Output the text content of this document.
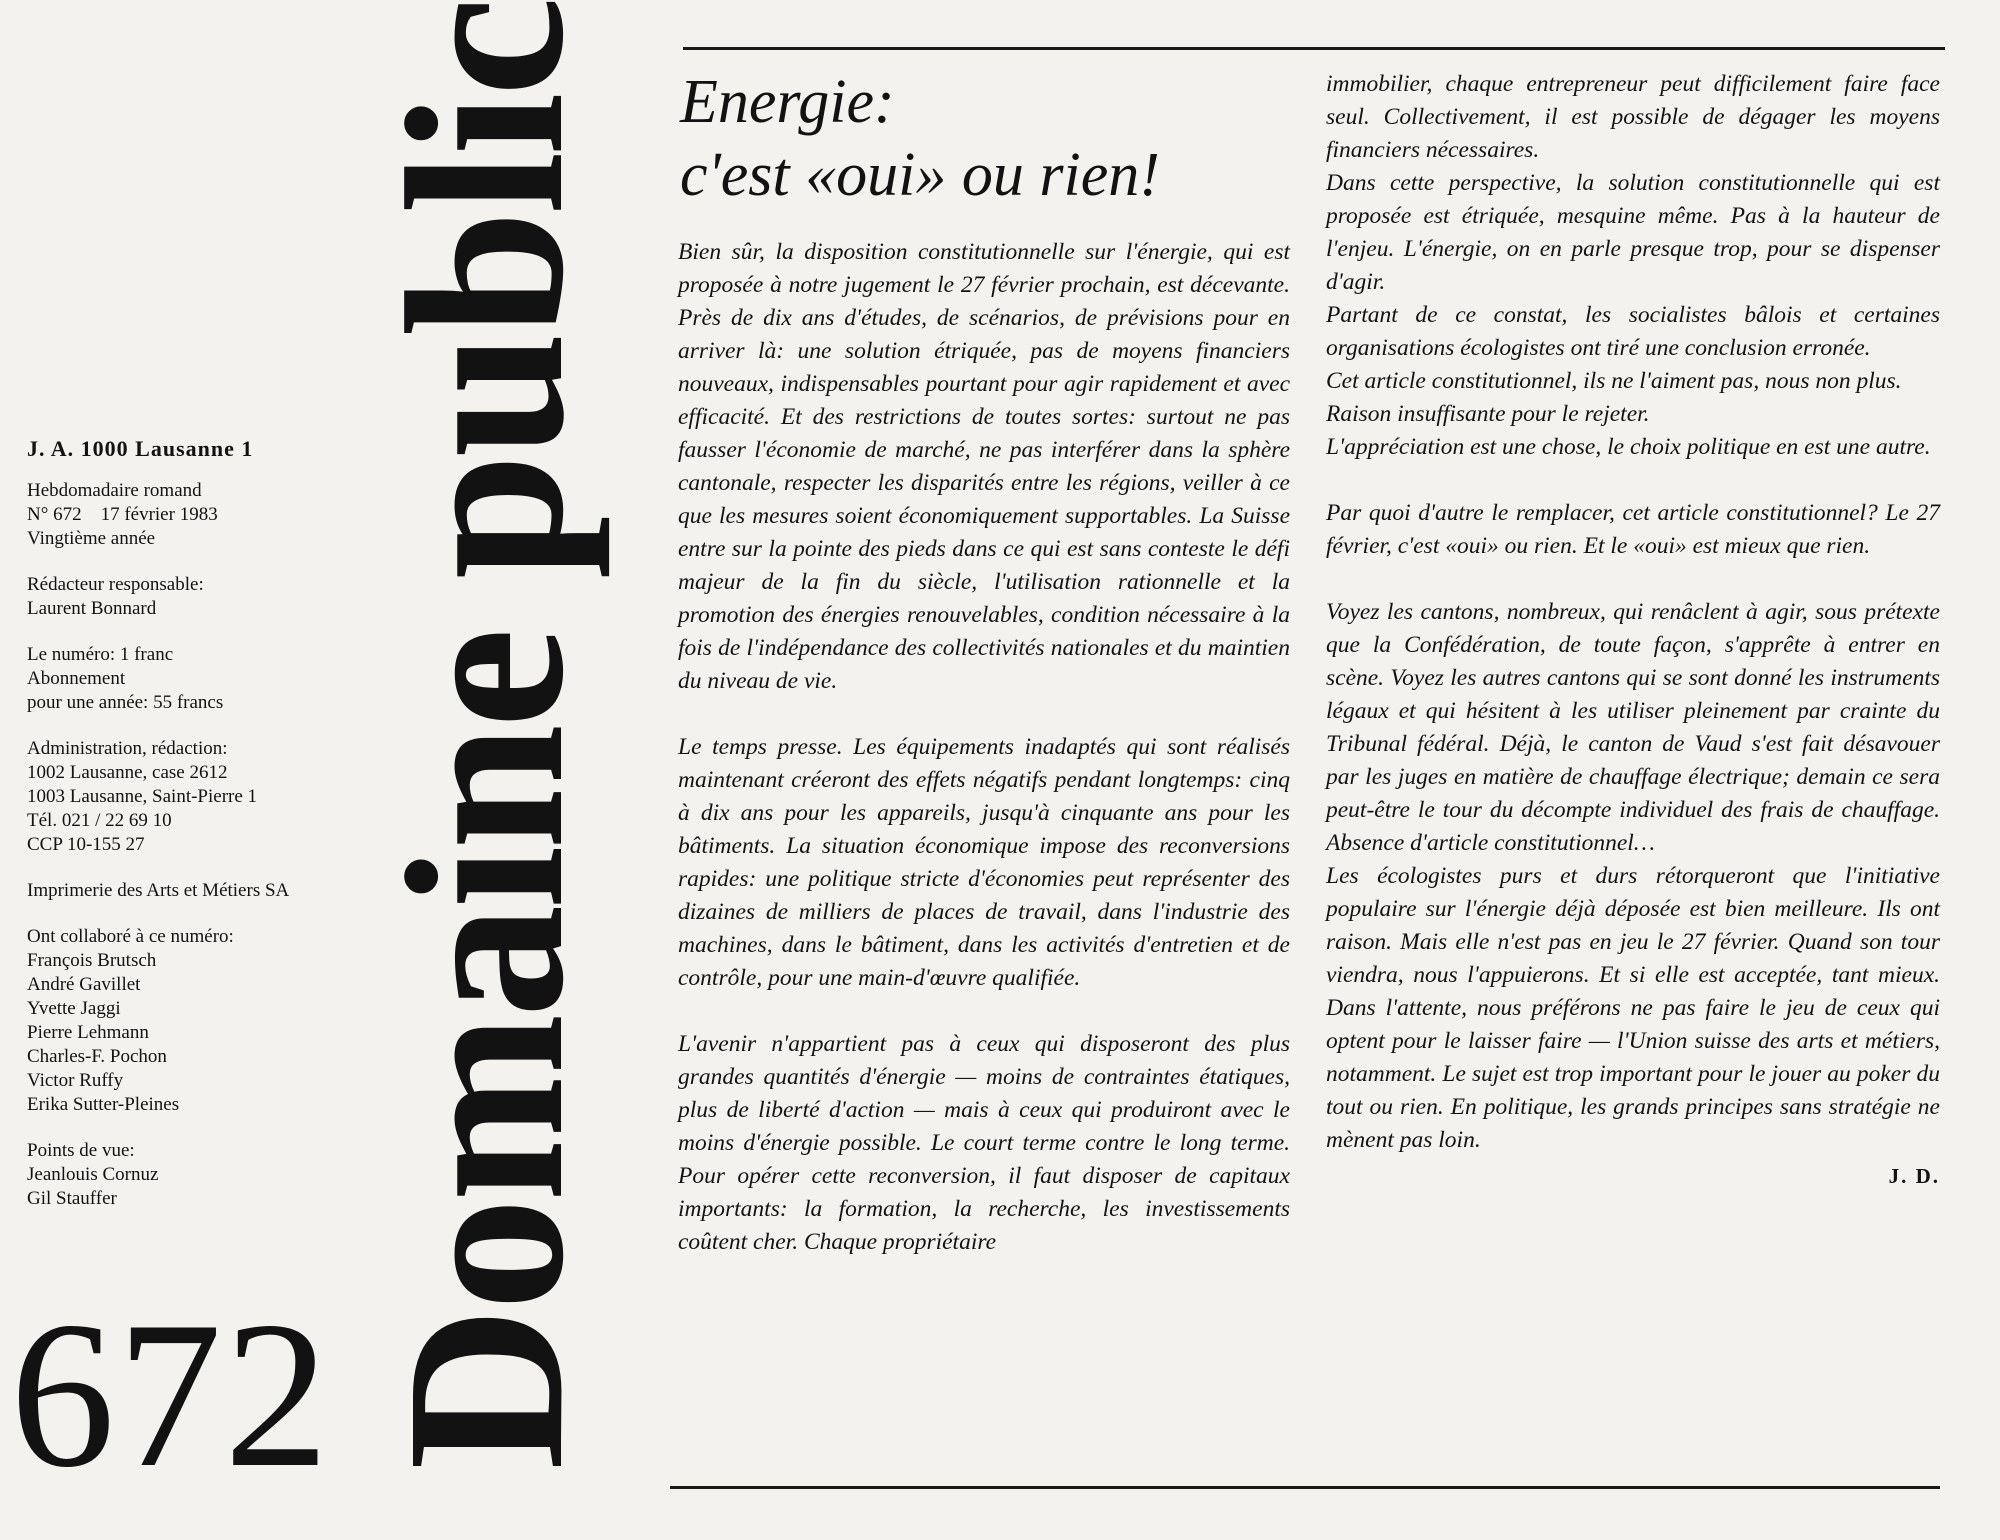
J. A. 1000 Lausanne 1
Hebdomadaire romand
N° 672    17 février 1983
Vingtième année
Rédacteur responsable:
Laurent Bonnard
Le numéro: 1 franc
Abonnement
pour une année: 55 francs
Administration, rédaction:
1002 Lausanne, case 2612
1003 Lausanne, Saint-Pierre 1
Tél. 021 / 22 69 10
CCP 10-155 27
Imprimerie des Arts et Métiers SA
Ont collaboré à ce numéro:
François Brutsch
André Gavillet
Yvette Jaggi
Pierre Lehmann
Charles-F. Pochon
Victor Ruffy
Erika Sutter-Pleines
Points de vue:
Jeanlouis Cornuz
Gil Stauffer
672 Domaine public Energie:
c'est «oui» ou rien!

Bien sûr, la disposition constitutionnelle sur l'énergie, qui est proposée à notre jugement le 27 février prochain, est décevante. Près de dix ans d'études, de scénarios, de prévisions pour en arriver là: une solution étriquée, pas de moyens financiers nouveaux, indispensables pourtant pour agir rapidement et avec efficacité. Et des restrictions de toutes sortes: surtout ne pas fausser l'économie de marché, ne pas interférer dans la sphère cantonale, respecter les disparités entre les régions, veiller à ce que les mesures soient économiquement supportables. La Suisse entre sur la pointe des pieds dans ce qui est sans conteste le défi majeur de la fin du siècle, l'utilisation rationnelle et la promotion des énergies renouvelables, condition nécessaire à la fois de l'indépendance des collectivités nationales et du maintien du niveau de vie.

Le temps presse. Les équipements inadaptés qui sont réalisés maintenant créeront des effets négatifs pendant longtemps: cinq à dix ans pour les appareils, jusqu'à cinquante ans pour les bâtiments. La situation économique impose des reconversions rapides: une politique stricte d'économies peut représenter des dizaines de milliers de places de travail, dans l'industrie des machines, dans le bâtiment, dans les activités d'entretien et de contrôle, pour une main-d'œuvre qualifiée.

L'avenir n'appartient pas à ceux qui disposeront des plus grandes quantités d'énergie — moins de contraintes étatiques, plus de liberté d'action — mais à ceux qui produiront avec le moins d'énergie possible. Le court terme contre le long terme. Pour opérer cette reconversion, il faut disposer de capitaux importants: la formation, la recherche, les investissements coûtent cher. Chaque propriétaire

immobilier, chaque entrepreneur peut difficilement faire face seul. Collectivement, il est possible de dégager les moyens financiers nécessaires.

Dans cette perspective, la solution constitutionnelle qui est proposée est étriquée, mesquine même. Pas à la hauteur de l'enjeu. L'énergie, on en parle presque trop, pour se dispenser d'agir.

Partant de ce constat, les socialistes bâlois et certaines organisations écologistes ont tiré une conclusion erronée.

Cet article constitutionnel, ils ne l'aiment pas, nous non plus.

Raison insuffisante pour le rejeter.

L'appréciation est une chose, le choix politique en est une autre.

Par quoi d'autre le remplacer, cet article constitutionnel? Le 27 février, c'est «oui» ou rien. Et le «oui» est mieux que rien.

Voyez les cantons, nombreux, qui renâclent à agir, sous prétexte que la Confédération, de toute façon, s'apprête à entrer en scène. Voyez les autres cantons qui se sont donné les instruments légaux et qui hésitent à les utiliser pleinement par crainte du Tribunal fédéral. Déjà, le canton de Vaud s'est fait désavouer par les juges en matière de chauffage électrique; demain ce sera peut-être le tour du décompte individuel des frais de chauffage. Absence d'article constitutionnel…

Les écologistes purs et durs rétorqueront que l'initiative populaire sur l'énergie déjà déposée est bien meilleure. Ils ont raison. Mais elle n'est pas en jeu le 27 février. Quand son tour viendra, nous l'appuierons. Et si elle est acceptée, tant mieux. Dans l'attente, nous préférons ne pas faire le jeu de ceux qui optent pour le laisser faire — l'Union suisse des arts et métiers, notamment. Le sujet est trop important pour le jouer au poker du tout ou rien. En politique, les grands principes sans stratégie ne mènent pas loin.

J. D.
